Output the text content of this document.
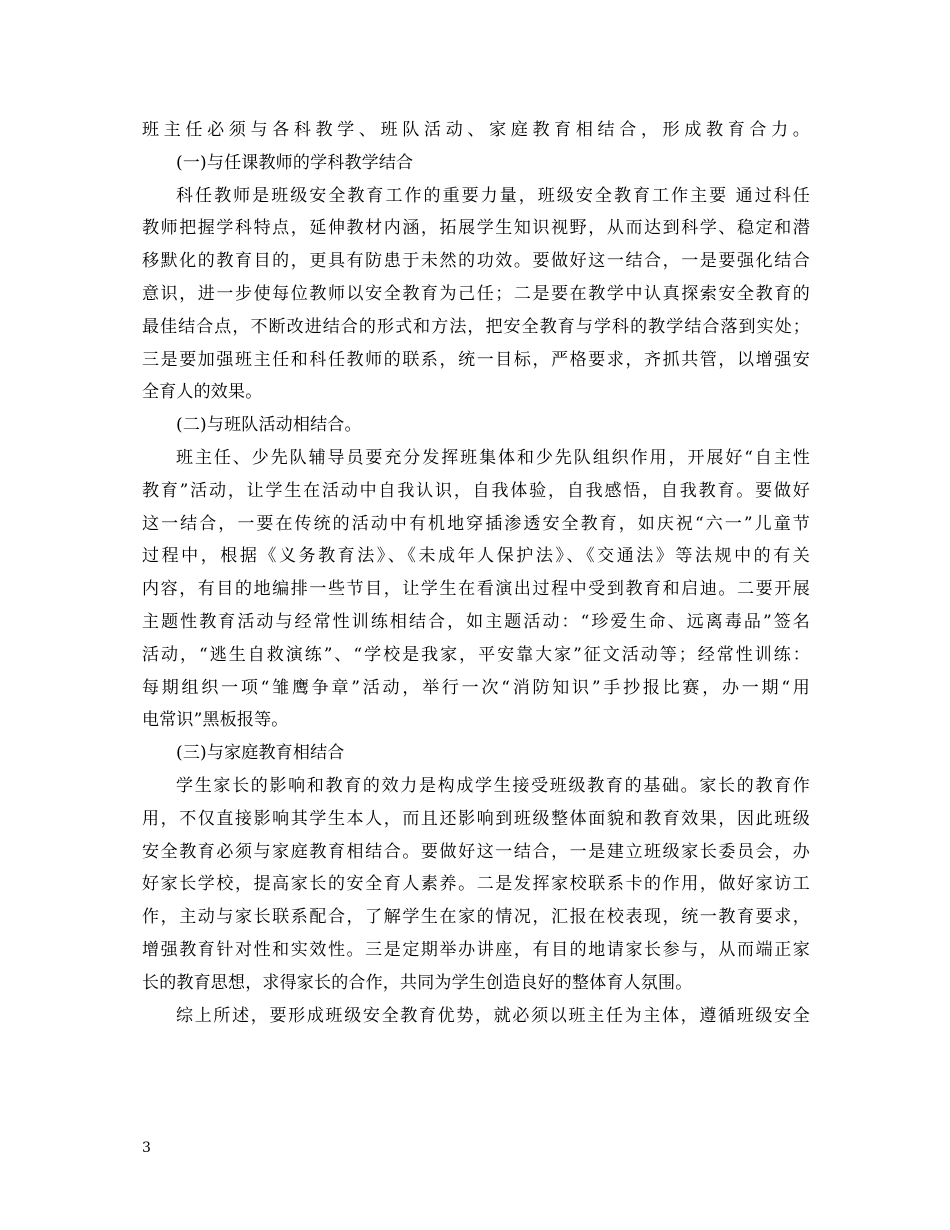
班主任必须与各科教学、班队活动、家庭教育相结合，形成教育合力。
(一)与任课教师的学科教学结合
科任教师是班级安全教育工作的重要力量，班级安全教育工作主要 通过科任
教师把握学科特点，延伸教材内涵，拓展学生知识视野，从而达到科学、稳定和潜
移默化的教育目的，更具有防患于未然的功效。要做好这一结合，一是要强化结合
意识，进一步使每位教师以安全教育为己任；二是要在教学中认真探索安全教育的
最佳结合点，不断改进结合的形式和方法，把安全教育与学科的教学结合落到实处；
三是要加强班主任和科任教师的联系，统一目标，严格要求，齐抓共管，以增强安
全育人的效果。
(二)与班队活动相结合。
班主任、少先队辅导员要充分发挥班集体和少先队组织作用，开展好“自主性
教育”活动，让学生在活动中自我认识，自我体验，自我感悟，自我教育。要做好
这一结合，一要在传统的活动中有机地穿插渗透安全教育，如庆祝“六一”儿童节
过程中，根据《义务教育法》、《未成年人保护法》、《交通法》等法规中的有关
内容，有目的地编排一些节目，让学生在看演出过程中受到教育和启迪。二要开展
主题性教育活动与经常性训练相结合，如主题活动：“珍爱生命、远离毒品”签名
活动，“逃生自救演练”、“学校是我家，平安靠大家”征文活动等；经常性训练：
每期组织一项“雏鹰争章”活动，举行一次“消防知识”手抄报比赛，办一期“用
电常识”黑板报等。
(三)与家庭教育相结合
学生家长的影响和教育的效力是构成学生接受班级教育的基础。家长的教育作
用，不仅直接影响其学生本人，而且还影响到班级整体面貌和教育效果，因此班级
安全教育必须与家庭教育相结合。要做好这一结合，一是建立班级家长委员会，办
好家长学校，提高家长的安全育人素养。二是发挥家校联系卡的作用，做好家访工
作，主动与家长联系配合，了解学生在家的情况，汇报在校表现，统一教育要求，
增强教育针对性和实效性。三是定期举办讲座，有目的地请家长参与，从而端正家
长的教育思想，求得家长的合作，共同为学生创造良好的整体育人氛围。
综上所述，要形成班级安全教育优势，就必须以班主任为主体，遵循班级安全
3
